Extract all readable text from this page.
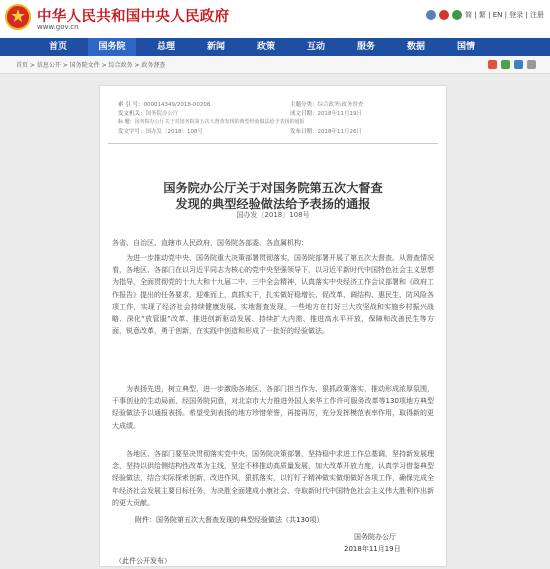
中华人民共和国中央人民政府
www.gov.cn
简 | 繁 | EN | 登录 | 注册
首页	国务院	总理	新闻	政策	互动	服务	数据	国情
首页 > 信息公开 > 国务院文件 > 综合政务 > 政务督查
索 引 号：000014349/2018-00208	主题分类：综合政务\政务督查
发文机关：国务院办公厅	成文日期：2018年11月19日
标 题：国务院办公厅关于对国务院第五次大督查发现的典型经验做法给予表扬的通报
发文字号：国办发〔2018〕108号	发布日期：2018年11月26日
国务院办公厅关于对国务院第五次大督查
发现的典型经验做法给予表扬的通报
国办发〔2018〕108号
各省、自治区、直辖市人民政府，国务院各部委、各直属机构：
为进一步推动党中央、国务院重大决策部署贯彻落实，国务院部署开展了第五次大督查。从督查情况看，各地区、各部门在以习近平同志为核心的党中央坚强领导下，以习近平新时代中国特色社会主义思想为指导，全面贯彻党的十九大和十九届二中、三中全会精神，认真落实中央经济工作会议部署和《政府工作报告》提出的任务要求，迎难而上，真抓实干，扎实做好稳增长、促改革、调结构、惠民生、防风险各项工作，实现了经济社会持续健康发展。实地督查发现，一些地方在打好三大攻坚战和实施乡村振兴战略、深化“放管服”改革、推进创新驱动发展、持续扩大内需、推进高水平开放、保障和改善民生等方面，锐意改革，勇于创新，在实践中创造和形成了一批好的经验做法。
为表扬先进，树立典型，进一步激励各地区、各部门担当作为、狠抓政策落实，推动形成浓厚氛围，干事创业的生动局面，经国务院同意，对北京市大力推进外国人来华工作许可服务改革等130项地方典型经验做法予以通报表扬。希望受到表扬的地方珍惜荣誉，再接再厉，充分发挥模范表率作用，取得新的更大成绩。
各地区、各部门要坚决贯彻落实党中央、国务院决策部署，坚持稳中求进工作总基调，坚持新发展理念，坚持以供给侧结构性改革为主线，坚定不移推动高质量发展，加大改革开放力度，认真学习借鉴典型经验做法，结合实际探索创新，改进作风，狠抓落实，以钉钉子精神做实做细做好各项工作，确保完成全年经济社会发展主要目标任务，为决胜全面建成小康社会、夺取新时代中国特色社会主义伟大胜利作出新的更大贡献。
附件：国务院第五次大督查发现的典型经验做法（共130项）
国务院办公厅
2018年11月19日
（此件公开发布）
